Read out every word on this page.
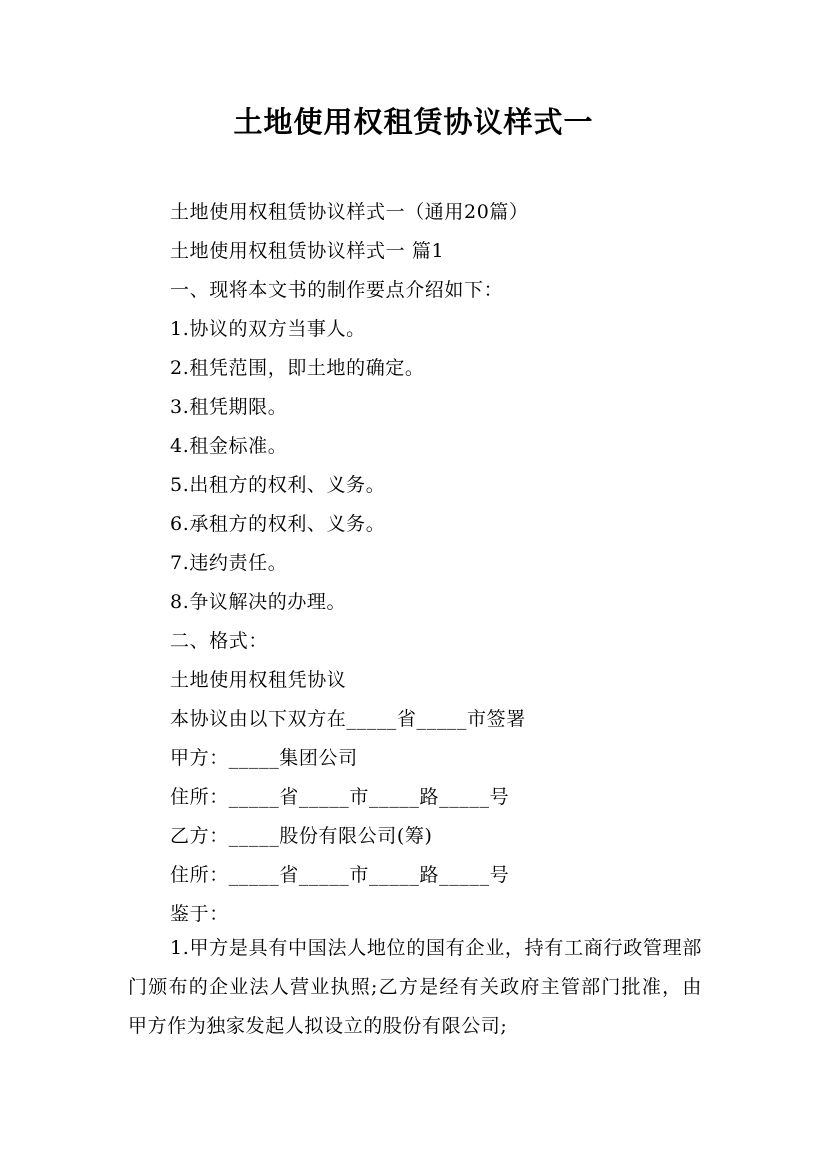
土地使用权租赁协议样式一

土地使用权租赁协议样式一（通用20篇）

土地使用权租赁协议样式一 篇1

一、现将本文书的制作要点介绍如下：

1.协议的双方当事人。

2.租凭范围，即土地的确定。

3.租凭期限。

4.租金标准。

5.出租方的权利、义务。

6.承租方的权利、义务。

7.违约责任。

8.争议解决的办理。

二、格式：

土地使用权租凭协议

本协议由以下双方在_____省_____市签署

甲方：_____集团公司

住所：_____省_____市_____路_____号

乙方：_____股份有限公司(筹)

住所：_____省_____市_____路_____号

鉴于：

1.甲方是具有中国法人地位的国有企业，持有工商行政管理部门颁布的企业法人营业执照;乙方是经有关政府主管部门批准，由甲方作为独家发起人拟设立的股份有限公司;
